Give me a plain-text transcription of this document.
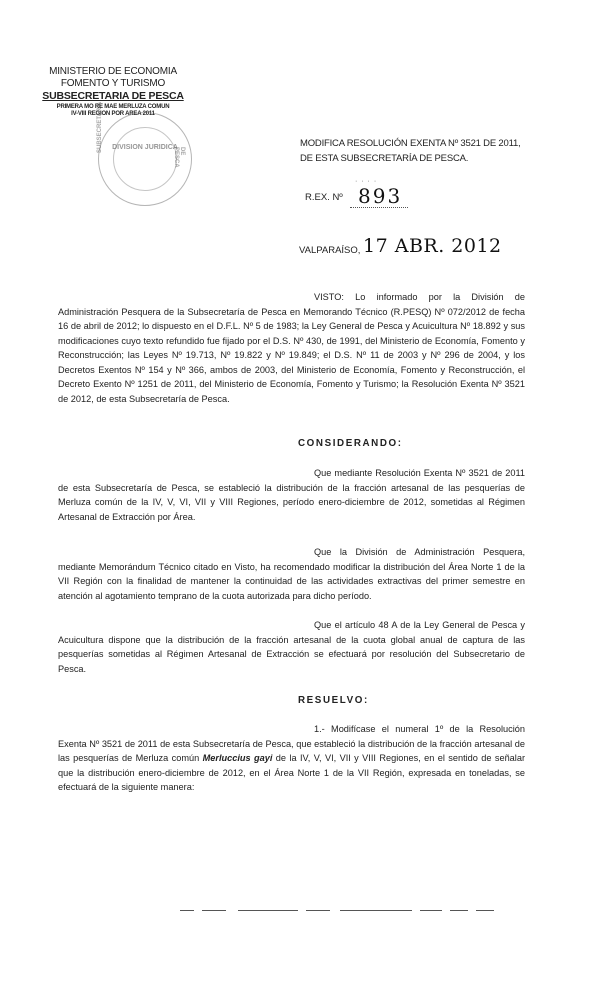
MINISTERIO DE ECONOMIA
FOMENTO Y TURISMO
SUBSECRETARIA DE PESCA
PRIMERA MO RE MAE MERLUZA COMUN
IV-VIII REGION POR AREA 2011
DIVISION JURIDICA
SUBSECRETARIA	DE PESCA
MODIFICA RESOLUCIÓN EXENTA Nº 3521 DE 2011,
DE ESTA SUBSECRETARÍA DE PESCA.
· · · ·
R.EX. Nº 893
VALPARAÍSO, 17 ABR. 2012
VISTO: Lo informado por la División de Administración Pesquera de la Subsecretaría de Pesca en Memorando Técnico (R.PESQ) Nº 072/2012 de fecha 16 de abril de 2012; lo dispuesto en el D.F.L. Nº 5 de 1983; la Ley General de Pesca y Acuicultura Nº 18.892 y sus modificaciones cuyo texto refundido fue fijado por el D.S. Nº 430, de 1991, del Ministerio de Economía, Fomento y Reconstrucción; las Leyes Nº 19.713, Nº 19.822 y Nº 19.849; el D.S. Nº 11 de 2003 y Nº 296 de 2004, y los Decretos Exentos Nº 154 y Nº 366, ambos de 2003, del Ministerio de Economía, Fomento y Reconstrucción, el Decreto Exento Nº 1251 de 2011, del Ministerio de Economía, Fomento y Turismo; la Resolución Exenta Nº 3521 de 2012, de esta Subsecretaría de Pesca.
CONSIDERANDO:
Que mediante Resolución Exenta Nº 3521 de 2011 de esta Subsecretaría de Pesca, se estableció la distribución de la fracción artesanal de las pesquerías de Merluza común de la IV, V, VI, VII y VIII Regiones, período enero-diciembre de 2012, sometidas al Régimen Artesanal de Extracción por Área.
Que la División de Administración Pesquera, mediante Memorándum Técnico citado en Visto, ha recomendado modificar la distribución del Área Norte 1 de la VII Región con la finalidad de mantener la continuidad de las actividades extractivas del primer semestre en atención al agotamiento temprano de la cuota autorizada para dicho período.
Que el artículo 48 A de la Ley General de Pesca y Acuicultura dispone que la distribución de la fracción artesanal de la cuota global anual de captura de las pesquerías sometidas al Régimen Artesanal de Extracción se efectuará por resolución del Subsecretario de Pesca.
RESUELVO:
1.- Modifícase el numeral 1º de la Resolución Exenta Nº 3521 de 2011 de esta Subsecretaría de Pesca, que estableció la distribución de la fracción artesanal de las pesquerías de Merluza común Merluccius gayi de la IV, V, VI, VII y VIII Regiones, en el sentido de señalar que la distribución enero-diciembre de 2012, en el Área Norte 1 de la VII Región, expresada en toneladas, se efectuará de la siguiente manera:
